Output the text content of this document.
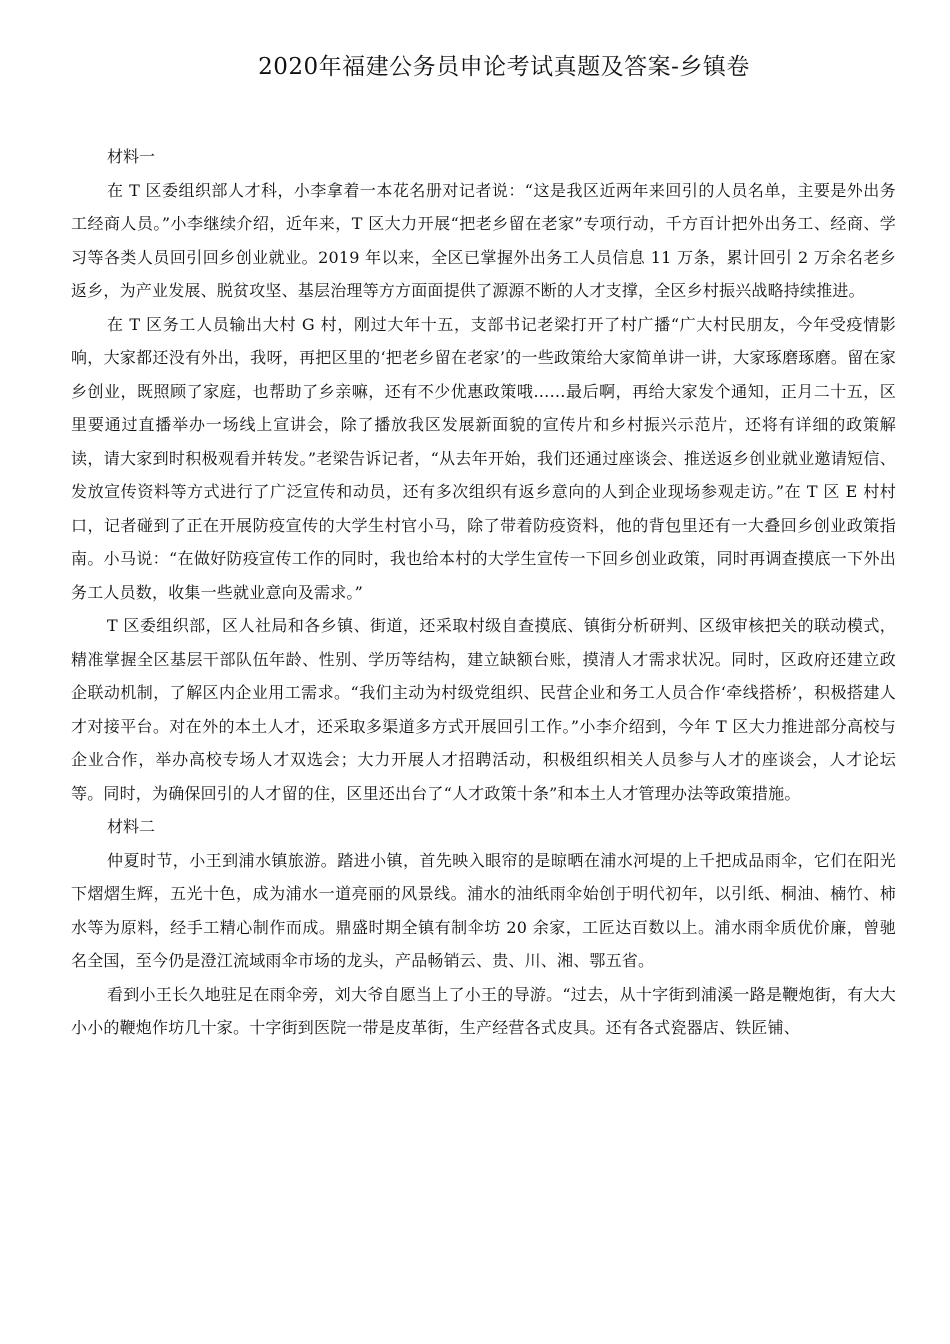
2020年福建公务员申论考试真题及答案-乡镇卷

材料一

在 T 区委组织部人才科，小李拿着一本花名册对记者说：“这是我区近两年来回引的人员名单，主要是外出务工经商人员。”小李继续介绍，近年来，T 区大力开展“把老乡留在老家”专项行动，千方百计把外出务工、经商、学习等各类人员回引回乡创业就业。2019 年以来，全区已掌握外出务工人员信息 11 万条，累计回引 2 万余名老乡返乡，为产业发展、脱贫攻坚、基层治理等方方面面提供了源源不断的人才支撑，全区乡村振兴战略持续推进。

在 T 区务工人员输出大村 G 村，刚过大年十五，支部书记老梁打开了村广播“广大村民朋友，今年受疫情影响，大家都还没有外出，我呀，再把区里的‘把老乡留在老家’的一些政策给大家简单讲一讲，大家琢磨琢磨。留在家乡创业，既照顾了家庭，也帮助了乡亲嘛，还有不少优惠政策哦……最后啊，再给大家发个通知，正月二十五，区里要通过直播举办一场线上宣讲会，除了播放我区发展新面貌的宣传片和乡村振兴示范片，还将有详细的政策解读，请大家到时积极观看并转发。”老梁告诉记者，“从去年开始，我们还通过座谈会、推送返乡创业就业邀请短信、发放宣传资料等方式进行了广泛宣传和动员，还有多次组织有返乡意向的人到企业现场参观走访。”在 T 区 E 村村口，记者碰到了正在开展防疫宣传的大学生村官小马，除了带着防疫资料，他的背包里还有一大叠回乡创业政策指南。小马说：“在做好防疫宣传工作的同时，我也给本村的大学生宣传一下回乡创业政策，同时再调查摸底一下外出务工人员数，收集一些就业意向及需求。”

T 区委组织部，区人社局和各乡镇、街道，还采取村级自查摸底、镇街分析研判、区级审核把关的联动模式，精准掌握全区基层干部队伍年龄、性别、学历等结构，建立缺额台账，摸清人才需求状况。同时，区政府还建立政企联动机制，了解区内企业用工需求。“我们主动为村级党组织、民营企业和务工人员合作‘牵线搭桥’，积极搭建人才对接平台。对在外的本土人才，还采取多渠道多方式开展回引工作。”小李介绍到，今年 T 区大力推进部分高校与企业合作，举办高校专场人才双选会；大力开展人才招聘活动，积极组织相关人员参与人才的座谈会，人才论坛等。同时，为确保回引的人才留的住，区里还出台了“人才政策十条”和本土人才管理办法等政策措施。

材料二

仲夏时节，小王到浦水镇旅游。踏进小镇，首先映入眼帘的是晾晒在浦水河堤的上千把成品雨伞，它们在阳光下熠熠生辉，五光十色，成为浦水一道亮丽的风景线。浦水的油纸雨伞始创于明代初年，以引纸、桐油、楠竹、柿水等为原料，经手工精心制作而成。鼎盛时期全镇有制伞坊 20 余家，工匠达百数以上。浦水雨伞质优价廉，曾驰名全国，至今仍是澄江流域雨伞市场的龙头，产品畅销云、贵、川、湘、鄂五省。

看到小王长久地驻足在雨伞旁，刘大爷自愿当上了小王的导游。“过去，从十字街到浦溪一路是鞭炮街，有大大小小的鞭炮作坊几十家。十字街到医院一带是皮革街，生产经营各式皮具。还有各式瓷器店、铁匠铺、
